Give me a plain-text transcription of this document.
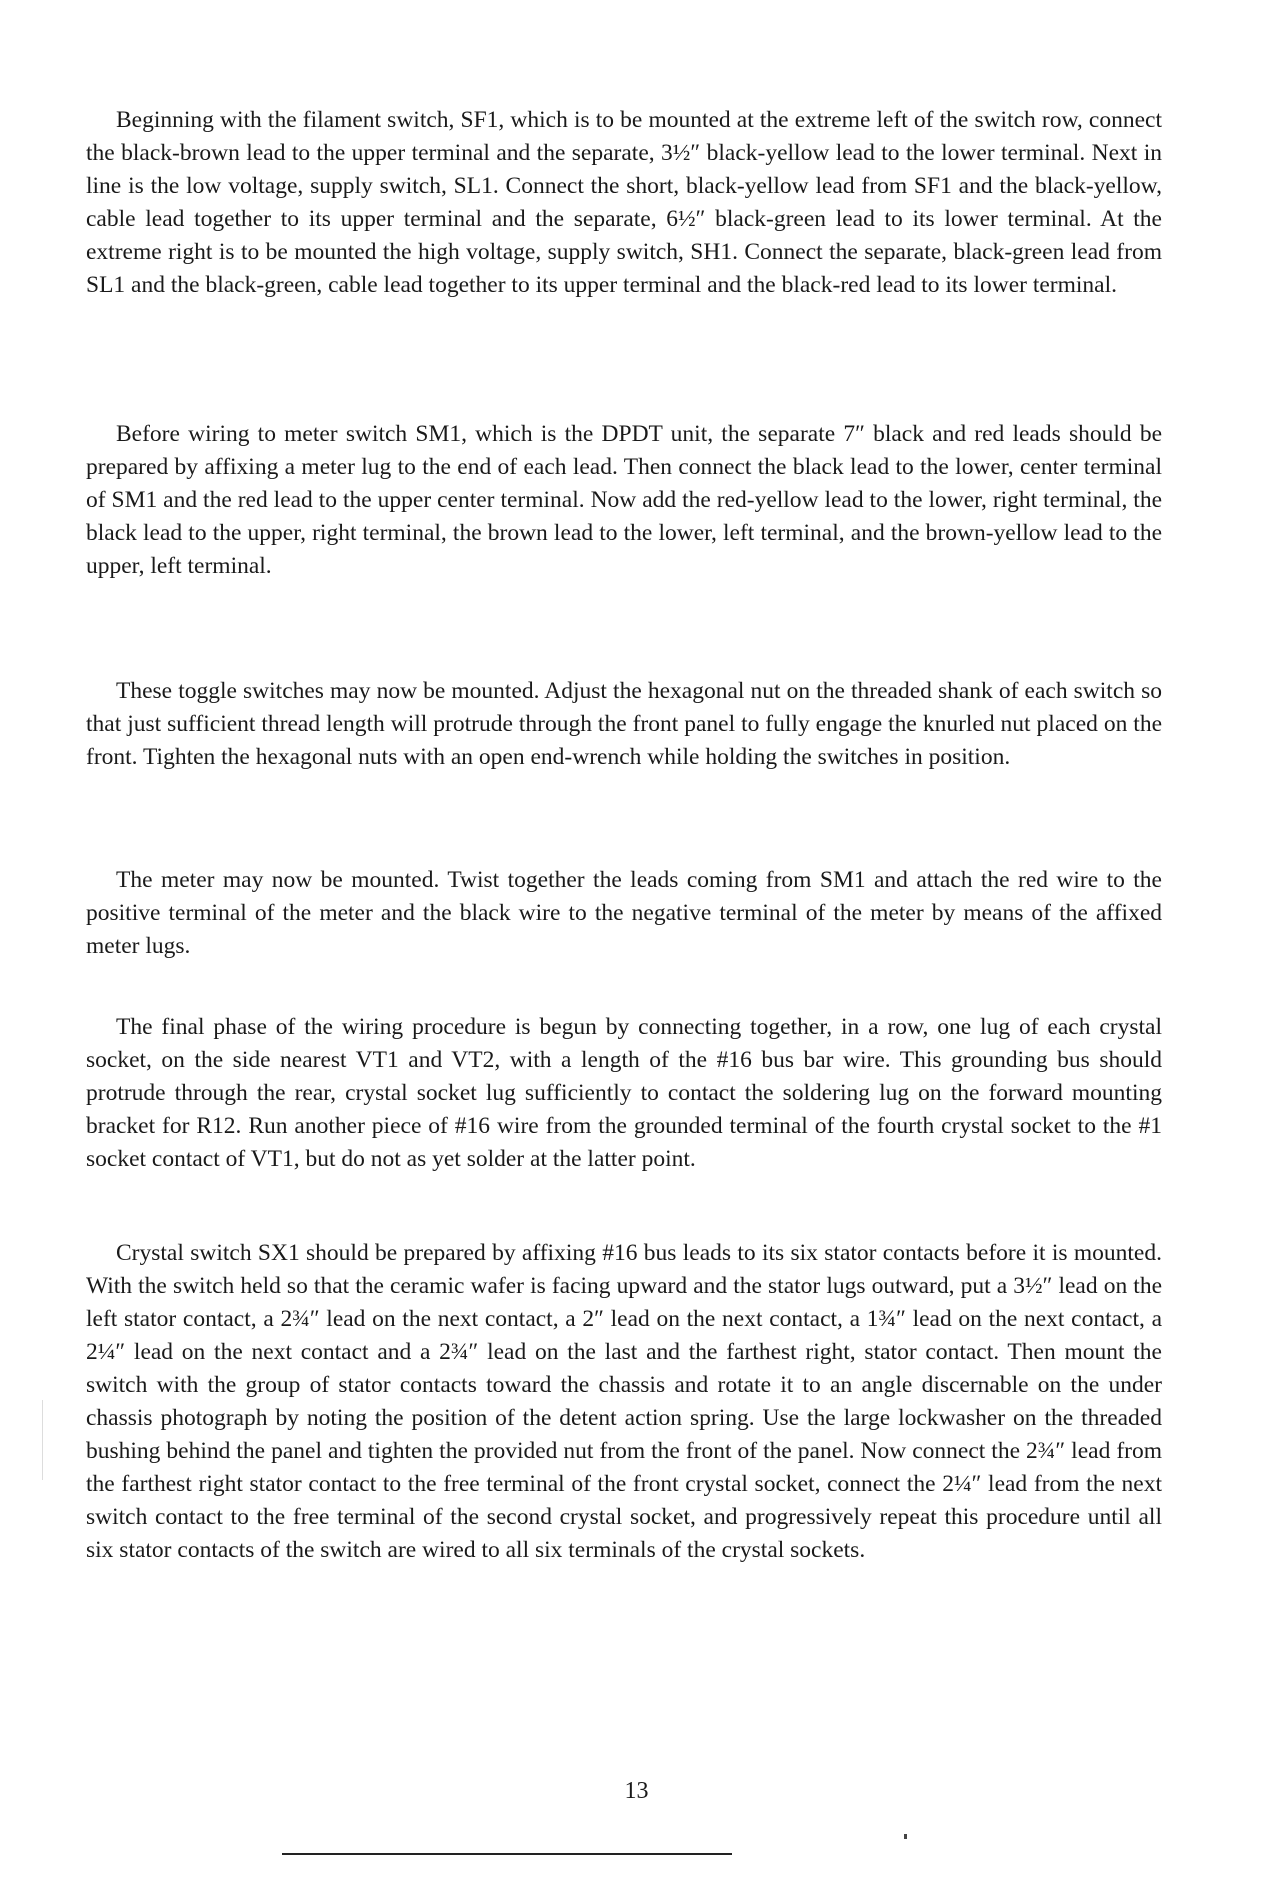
Beginning with the filament switch, SF1, which is to be mounted at the extreme left of the switch row, connect the black-brown lead to the upper terminal and the separate, 3½″ black-yellow lead to the lower terminal. Next in line is the low voltage, supply switch, SL1. Connect the short, black-yellow lead from SF1 and the black-yellow, cable lead together to its upper terminal and the separate, 6½″ black-green lead to its lower terminal. At the extreme right is to be mounted the high voltage, supply switch, SH1. Connect the separate, black-green lead from SL1 and the black-green, cable lead together to its upper terminal and the black-red lead to its lower terminal.

Before wiring to meter switch SM1, which is the DPDT unit, the separate 7″ black and red leads should be prepared by affixing a meter lug to the end of each lead. Then connect the black lead to the lower, center terminal of SM1 and the red lead to the upper center terminal. Now add the red-yellow lead to the lower, right terminal, the black lead to the upper, right terminal, the brown lead to the lower, left terminal, and the brown-yellow lead to the upper, left terminal.

These toggle switches may now be mounted. Adjust the hexagonal nut on the threaded shank of each switch so that just sufficient thread length will protrude through the front panel to fully engage the knurled nut placed on the front. Tighten the hexagonal nuts with an open end-wrench while holding the switches in position.

The meter may now be mounted. Twist together the leads coming from SM1 and attach the red wire to the positive terminal of the meter and the black wire to the negative terminal of the meter by means of the affixed meter lugs.

The final phase of the wiring procedure is begun by connecting together, in a row, one lug of each crystal socket, on the side nearest VT1 and VT2, with a length of the #16 bus bar wire. This grounding bus should protrude through the rear, crystal socket lug sufficiently to contact the soldering lug on the forward mounting bracket for R12. Run another piece of #16 wire from the grounded terminal of the fourth crystal socket to the #1 socket contact of VT1, but do not as yet solder at the latter point.

Crystal switch SX1 should be prepared by affixing #16 bus leads to its six stator contacts before it is mounted. With the switch held so that the ceramic wafer is facing upward and the stator lugs outward, put a 3½″ lead on the left stator contact, a 2¾″ lead on the next contact, a 2″ lead on the next contact, a 1¾″ lead on the next contact, a 2¼″ lead on the next contact and a 2¾″ lead on the last and the farthest right, stator contact. Then mount the switch with the group of stator contacts toward the chassis and rotate it to an angle discernable on the under chassis photograph by noting the position of the detent action spring. Use the large lockwasher on the threaded bushing behind the panel and tighten the provided nut from the front of the panel. Now connect the 2¾″ lead from the farthest right stator contact to the free terminal of the front crystal socket, connect the 2¼″ lead from the next switch contact to the free terminal of the second crystal socket, and progressively repeat this procedure until all six stator contacts of the switch are wired to all six terminals of the crystal sockets.

13
